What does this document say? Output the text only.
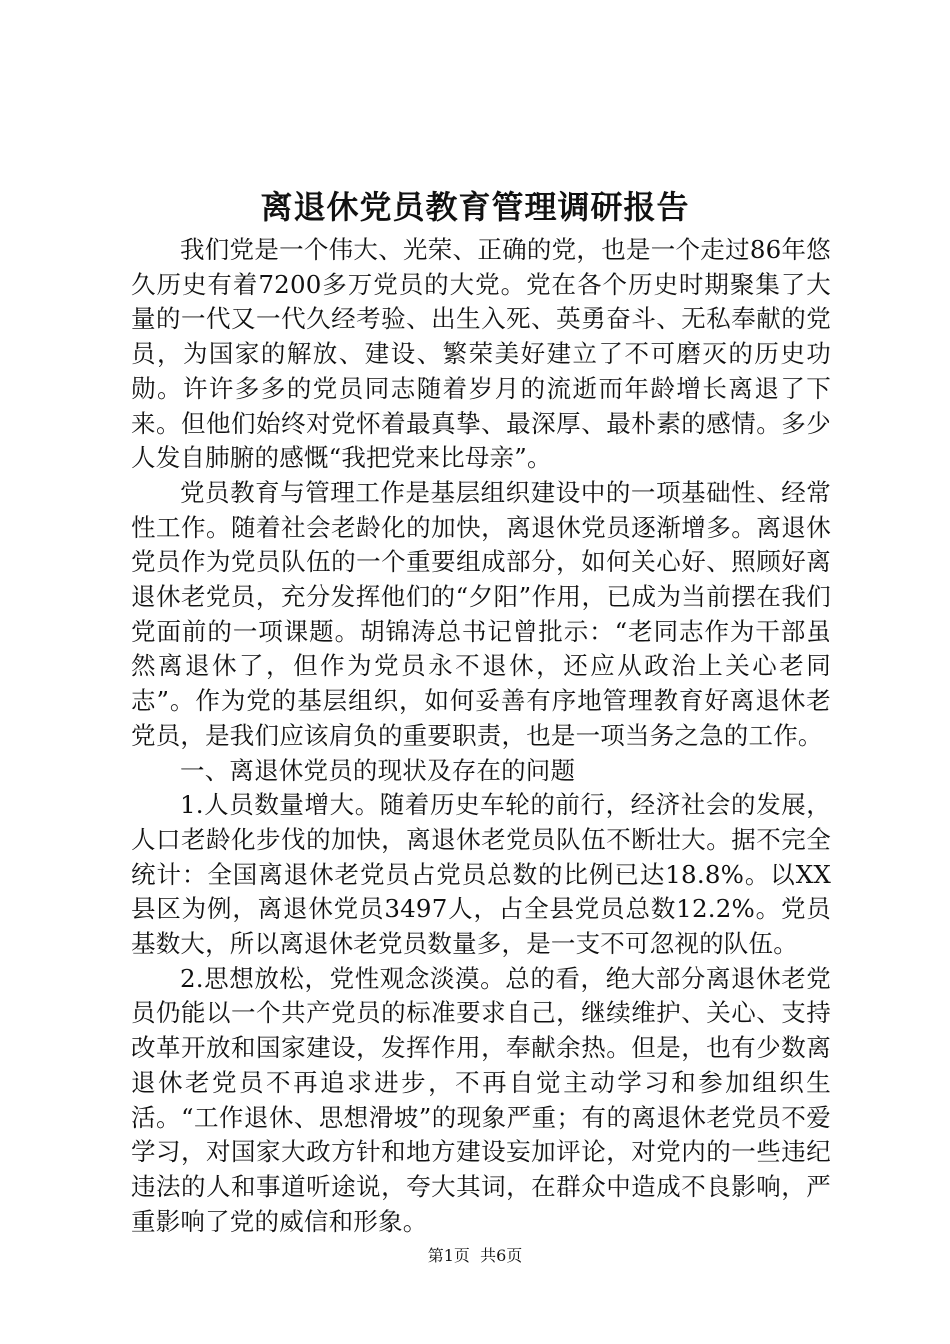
离退休党员教育管理调研报告

我们党是一个伟大、光荣、正确的党，也是一个走过86年悠久历史有着7200多万党员的大党。党在各个历史时期聚集了大量的一代又一代久经考验、出生入死、英勇奋斗、无私奉献的党员，为国家的解放、建设、繁荣美好建立了不可磨灭的历史功勋。许许多多的党员同志随着岁月的流逝而年龄增长离退了下来。但他们始终对党怀着最真挚、最深厚、最朴素的感情。多少人发自肺腑的感慨“我把党来比母亲”。

党员教育与管理工作是基层组织建设中的一项基础性、经常性工作。随着社会老龄化的加快，离退休党员逐渐增多。离退休党员作为党员队伍的一个重要组成部分，如何关心好、照顾好离退休老党员，充分发挥他们的“夕阳”作用，已成为当前摆在我们党面前的一项课题。胡锦涛总书记曾批示：“老同志作为干部虽然离退休了，但作为党员永不退休，还应从政治上关心老同志”。作为党的基层组织，如何妥善有序地管理教育好离退休老党员，是我们应该肩负的重要职责，也是一项当务之急的工作。

一、离退休党员的现状及存在的问题

1.人员数量增大。随着历史车轮的前行，经济社会的发展，人口老龄化步伐的加快，离退休老党员队伍不断壮大。据不完全统计：全国离退休老党员占党员总数的比例已达18.8%。以XX县区为例，离退休党员3497人，占全县党员总数12.2%。党员基数大，所以离退休老党员数量多，是一支不可忽视的队伍。

2.思想放松，党性观念淡漠。总的看，绝大部分离退休老党员仍能以一个共产党员的标准要求自己，继续维护、关心、支持改革开放和国家建设，发挥作用，奉献余热。但是，也有少数离退休老党员不再追求进步，不再自觉主动学习和参加组织生活。“工作退休、思想滑坡”的现象严重；有的离退休老党员不爱学习，对国家大政方针和地方建设妄加评论，对党内的一些违纪违法的人和事道听途说，夸大其词，在群众中造成不良影响，严重影响了党的威信和形象。

第1页  共6页
